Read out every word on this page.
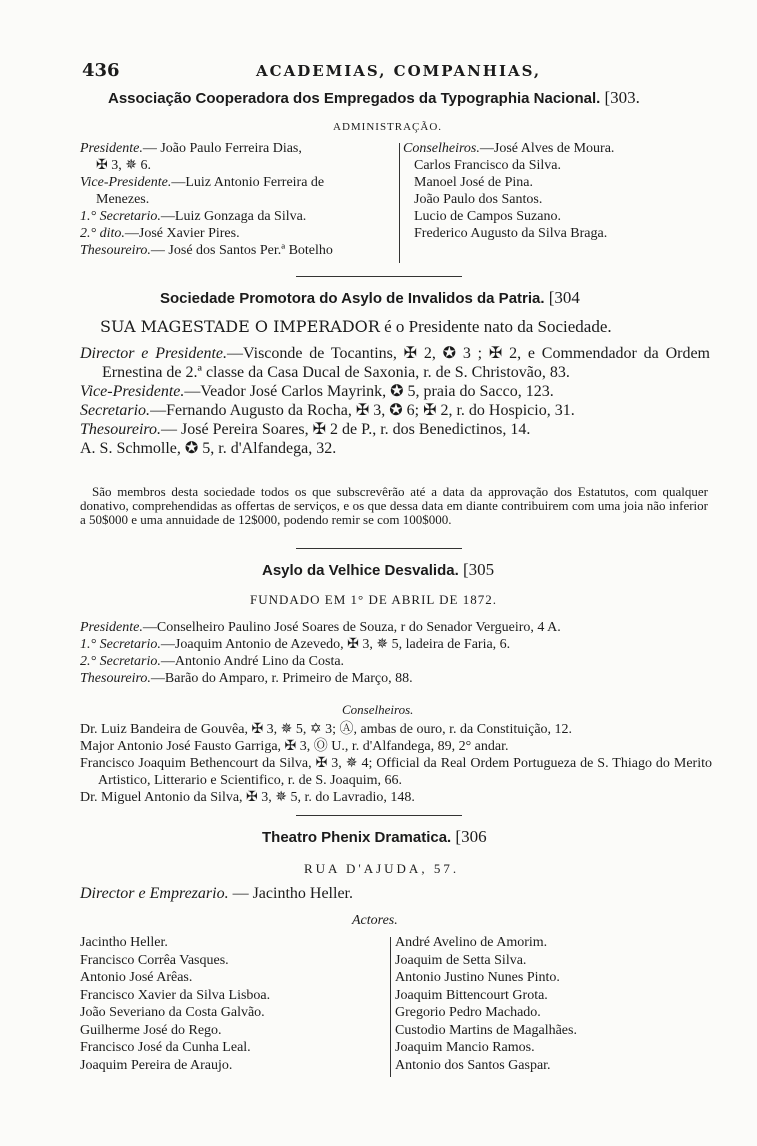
436	ACADEMIAS, COMPANHIAS,
Associação Cooperadora dos Empregados da Typographia Nacional. [303.
ADMINISTRAÇÃO.
Presidente.— João Paulo Ferreira Dias,
✠ 3, ✵ 6.
Vice-Presidente.—Luiz Antonio Ferreira de
Menezes.
1.° Secretario.—Luiz Gonzaga da Silva.
2.° dito.—José Xavier Pires.
Thesoureiro.— José dos Santos Per.ª Botelho
Conselheiros.—José Alves de Moura.
Carlos Francisco da Silva.
Manoel José de Pina.
João Paulo dos Santos.
Lucio de Campos Suzano.
Frederico Augusto da Silva Braga.
Sociedade Promotora do Asylo de Invalidos da Patria. [304
SUA MAGESTADE O IMPERADOR é o Presidente nato da Sociedade.
Director e Presidente.—Visconde de Tocantins, ✠ 2, ✪ 3 ; ✠ 2, e Commendador da Ordem Ernestina de 2.ª classe da Casa Ducal de Saxonia, r. de S. Christovão, 83.
Vice-Presidente.—Veador José Carlos Mayrink, ✪ 5, praia do Sacco, 123.
Secretario.—Fernando Augusto da Rocha, ✠ 3, ✪ 6; ✠ 2, r. do Hospicio, 31.
Thesoureiro.— José Pereira Soares, ✠ 2 de P., r. dos Benedictinos, 14.
A. S. Schmolle, ✪ 5, r. d'Alfandega, 32.
São membros desta sociedade todos os que subscrevêrão até a data da approvação dos Estatutos, com qualquer donativo, comprehendidas as offertas de serviços, e os que dessa data em diante contribuirem com uma joia não inferior a 50$000 e uma annuidade de 12$000, podendo remir se com 100$000.
Asylo da Velhice Desvalida. [305
FUNDADO EM 1° DE ABRIL DE 1872.
Presidente.—Conselheiro Paulino José Soares de Souza, r do Senador Vergueiro, 4 A.
1.° Secretario.—Joaquim Antonio de Azevedo, ✠ 3, ✵ 5, ladeira de Faria, 6.
2.° Secretario.—Antonio André Lino da Costa.
Thesoureiro.—Barão do Amparo, r. Primeiro de Março, 88.
Conselheiros.
Dr. Luiz Bandeira de Gouvêa, ✠ 3, ✵ 5, ✡ 3; Ⓐ, ambas de ouro, r. da Constituição, 12.
Major Antonio José Fausto Garriga, ✠ 3, Ⓞ U., r. d'Alfandega, 89, 2° andar.
Francisco Joaquim Bethencourt da Silva, ✠ 3, ✵ 4; Official da Real Ordem Portugueza de S. Thiago do Merito Artistico, Litterario e Scientifico, r. de S. Joaquim, 66.
Dr. Miguel Antonio da Silva, ✠ 3, ✵ 5, r. do Lavradio, 148.
Theatro Phenix Dramatica. [306
RUA D'AJUDA, 57.
Director e Emprezario. — Jacintho Heller.
Actores.
Jacintho Heller.
Francisco Corrêa Vasques.
Antonio José Arêas.
Francisco Xavier da Silva Lisboa.
João Severiano da Costa Galvão.
Guilherme José do Rego.
Francisco José da Cunha Leal.
Joaquim Pereira de Araujo.
André Avelino de Amorim.
Joaquim de Setta Silva.
Antonio Justino Nunes Pinto.
Joaquim Bittencourt Grota.
Gregorio Pedro Machado.
Custodio Martins de Magalhães.
Joaquim Mancio Ramos.
Antonio dos Santos Gaspar.
